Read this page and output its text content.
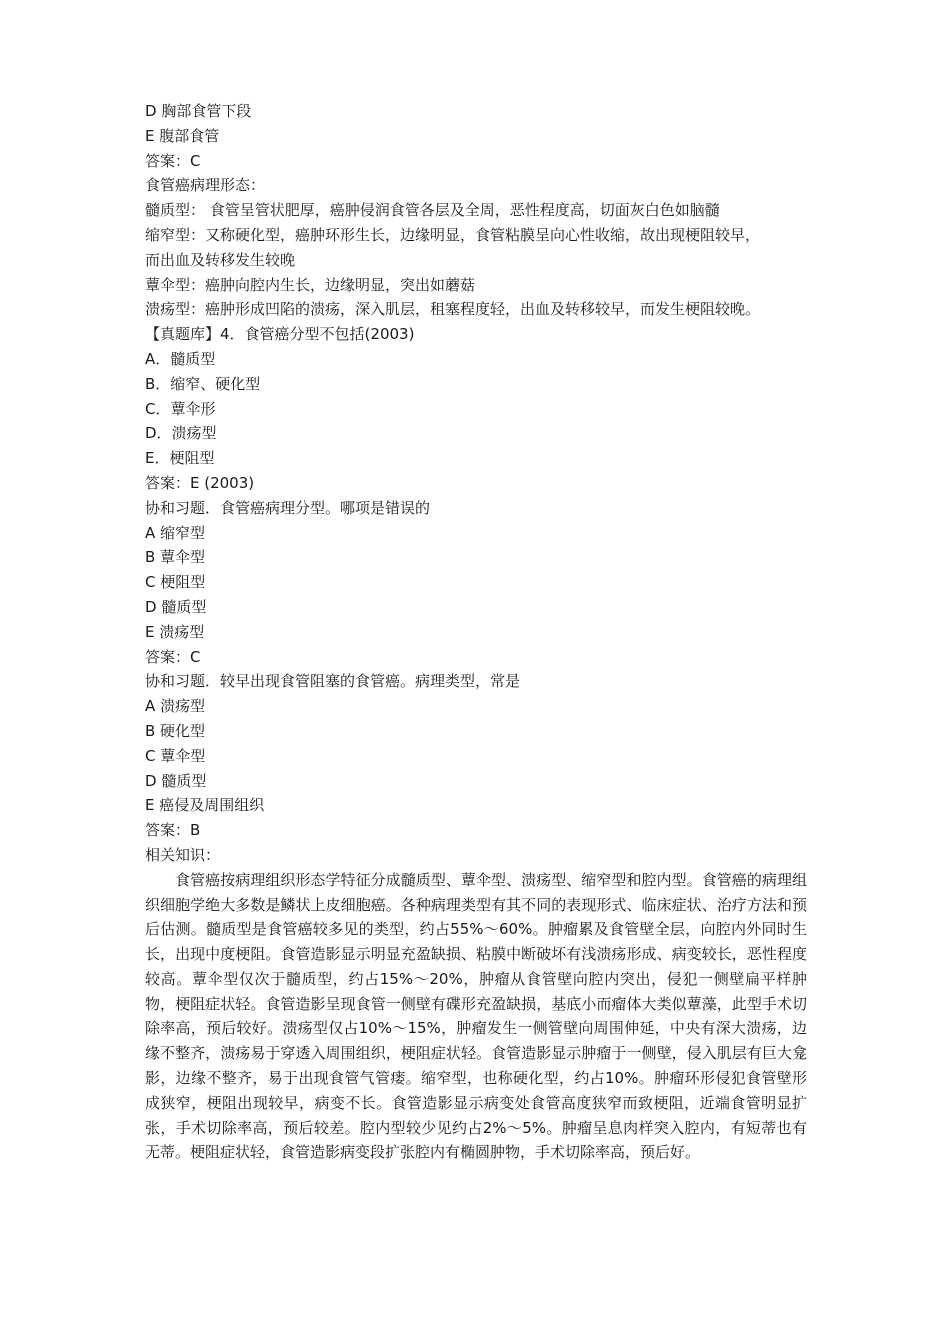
D 胸部食管下段
E 腹部食管
答案：C
食管癌病理形态：
髓质型： 食管呈管状肥厚，癌肿侵润食管各层及全周，恶性程度高，切面灰白色如脑髓
缩窄型：又称硬化型，癌肿环形生长，边缘明显，食管粘膜呈向心性收缩，故出现梗阻较早，
而出血及转移发生较晚
蕈伞型：癌肿向腔内生长，边缘明显，突出如蘑菇
溃疡型：癌肿形成凹陷的溃疡，深入肌层，租塞程度轻，出血及转移较早，而发生梗阻较晚。
【真题库】4．食管癌分型不包括(2003)
A．髓质型
B．缩窄、硬化型
C．蕈伞形
D．溃疡型
E．梗阻型
答案：E (2003)
协和习题．食管癌病理分型。哪项是错误的
A 缩窄型
B 蕈伞型
C 梗阻型
D 髓质型
E 溃疡型
答案：C
协和习题．较早出现食管阻塞的食管癌。病理类型，常是
A 溃疡型
B 硬化型
C 蕈伞型
D 髓质型
E 癌侵及周围组织
答案：B
相关知识：

食管癌按病理组织形态学特征分成髓质型、蕈伞型、溃疡型、缩窄型和腔内型。食管癌的病理组织细胞学绝大多数是鳞状上皮细胞癌。各种病理类型有其不同的表现形式、临床症状、治疗方法和预后估测。髓质型是食管癌较多见的类型，约占55%～60%。肿瘤累及食管壁全层，向腔内外同时生长，出现中度梗阻。食管造影显示明显充盈缺损、粘膜中断破坏有浅溃疡形成、病变较长，恶性程度较高。蕈伞型仅次于髓质型，约占15%～20%，肿瘤从食管壁向腔内突出，侵犯一侧壁扁平样肿物，梗阻症状轻。食管造影呈现食管一侧壁有碟形充盈缺损，基底小而瘤体大类似蕈藻，此型手术切除率高，预后较好。溃疡型仅占10%～15%，肿瘤发生一侧管壁向周围伸延，中央有深大溃疡，边缘不整齐，溃疡易于穿透入周围组织，梗阻症状轻。食管造影显示肿瘤于一侧壁，侵入肌层有巨大龛影，边缘不整齐，易于出现食管气管瘘。缩窄型，也称硬化型，约占10%。肿瘤环形侵犯食管壁形成狭窄，梗阻出现较早，病变不长。食管造影显示病变处食管高度狭窄而致梗阻，近端食管明显扩张，手术切除率高，预后较差。腔内型较少见约占2%～5%。肿瘤呈息肉样突入腔内，有短蒂也有无蒂。梗阻症状轻，食管造影病变段扩张腔内有椭圆肿物，手术切除率高，预后好。
